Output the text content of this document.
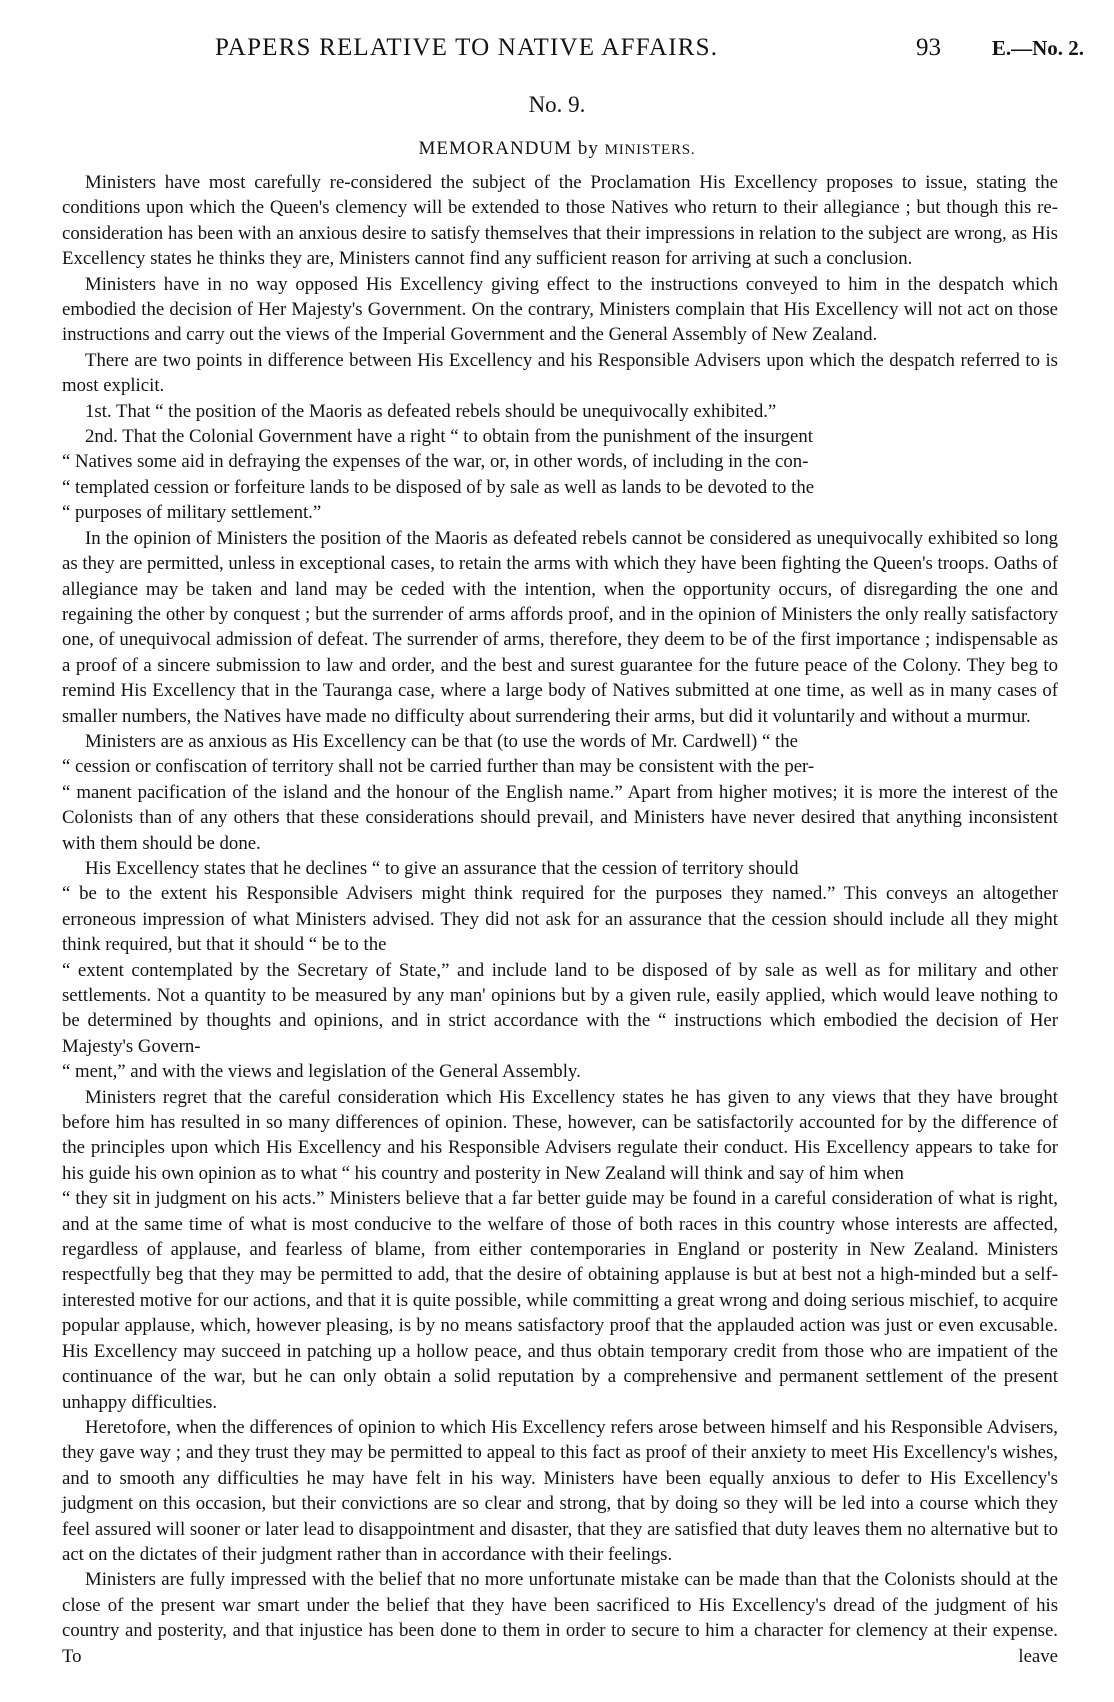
PAPERS RELATIVE TO NATIVE AFFAIRS.	93 E.—No. 2.
No. 9.
MEMORANDUM by MINISTERS.

Ministers have most carefully re-considered the subject of the Proclamation His Excellency proposes to issue, stating the conditions upon which the Queen's clemency will be extended to those Natives who return to their allegiance ; but though this re-consideration has been with an anxious desire to satisfy themselves that their impressions in relation to the subject are wrong, as His Excellency states he thinks they are, Ministers cannot find any sufficient reason for arriving at such a conclusion.

Ministers have in no way opposed His Excellency giving effect to the instructions conveyed to him in the despatch which embodied the decision of Her Majesty's Government. On the contrary, Ministers complain that His Excellency will not act on those instructions and carry out the views of the Imperial Government and the General Assembly of New Zealand.

There are two points in difference between His Excellency and his Responsible Advisers upon which the despatch referred to is most explicit.

1st. That “ the position of the Maoris as defeated rebels should be unequivocally exhibited.”

2nd. That the Colonial Government have a right “ to obtain from the punishment of the insurgent
“ Natives some aid in defraying the expenses of the war, or, in other words, of including in the con-
“ templated cession or forfeiture lands to be disposed of by sale as well as lands to be devoted to the
“ purposes of military settlement.”

In the opinion of Ministers the position of the Maoris as defeated rebels cannot be considered as unequivocally exhibited so long as they are permitted, unless in exceptional cases, to retain the arms with which they have been fighting the Queen's troops. Oaths of allegiance may be taken and land may be ceded with the intention, when the opportunity occurs, of disregarding the one and regaining the other by conquest ; but the surrender of arms affords proof, and in the opinion of Ministers the only really satisfactory one, of unequivocal admission of defeat. The surrender of arms, therefore, they deem to be of the first importance ; indispensable as a proof of a sincere submission to law and order, and the best and surest guarantee for the future peace of the Colony. They beg to remind His Excellency that in the Tauranga case, where a large body of Natives submitted at one time, as well as in many cases of smaller numbers, the Natives have made no difficulty about surrendering their arms, but did it voluntarily and without a murmur.

Ministers are as anxious as His Excellency can be that (to use the words of Mr. Cardwell) “ the
“ cession or confiscation of territory shall not be carried further than may be consistent with the per-
“ manent pacification of the island and the honour of the English name.” Apart from higher motives; it is more the interest of the Colonists than of any others that these considerations should prevail, and Ministers have never desired that anything inconsistent with them should be done.

His Excellency states that he declines “ to give an assurance that the cession of territory should
“ be to the extent his Responsible Advisers might think required for the purposes they named.” This conveys an altogether erroneous impression of what Ministers advised. They did not ask for an assurance that the cession should include all they might think required, but that it should “ be to the
“ extent contemplated by the Secretary of State,” and include land to be disposed of by sale as well as for military and other settlements. Not a quantity to be measured by any man' opinions but by a given rule, easily applied, which would leave nothing to be determined by thoughts and opinions, and in strict accordance with the “ instructions which embodied the decision of Her Majesty's Govern-
“ ment,” and with the views and legislation of the General Assembly.

Ministers regret that the careful consideration which His Excellency states he has given to any views that they have brought before him has resulted in so many differences of opinion. These, however, can be satisfactorily accounted for by the difference of the principles upon which His Excellency and his Responsible Advisers regulate their conduct. His Excellency appears to take for his guide his own opinion as to what “ his country and posterity in New Zealand will think and say of him when
“ they sit in judgment on his acts.” Ministers believe that a far better guide may be found in a careful consideration of what is right, and at the same time of what is most conducive to the welfare of those of both races in this country whose interests are affected, regardless of applause, and fearless of blame, from either contemporaries in England or posterity in New Zealand. Ministers respectfully beg that they may be permitted to add, that the desire of obtaining applause is but at best not a high-minded but a self-interested motive for our actions, and that it is quite possible, while committing a great wrong and doing serious mischief, to acquire popular applause, which, however pleasing, is by no means satisfactory proof that the applauded action was just or even excusable. His Excellency may succeed in patching up a hollow peace, and thus obtain temporary credit from those who are impatient of the continuance of the war, but he can only obtain a solid reputation by a comprehensive and permanent settlement of the present unhappy difficulties.

Heretofore, when the differences of opinion to which His Excellency refers arose between himself and his Responsible Advisers, they gave way ; and they trust they may be permitted to appeal to this fact as proof of their anxiety to meet His Excellency's wishes, and to smooth any difficulties he may have felt in his way. Ministers have been equally anxious to defer to His Excellency's judgment on this occasion, but their convictions are so clear and strong, that by doing so they will be led into a course which they feel assured will sooner or later lead to disappointment and disaster, that they are satisfied that duty leaves them no alternative but to act on the dictates of their judgment rather than in accordance with their feelings.

Ministers are fully impressed with the belief that no more unfortunate mistake can be made than that the Colonists should at the close of the present war smart under the belief that they have been sacrificed to His Excellency's dread of the judgment of his country and posterity, and that injustice has been done to them in order to secure to him a character for clemency at their expense. To leave
